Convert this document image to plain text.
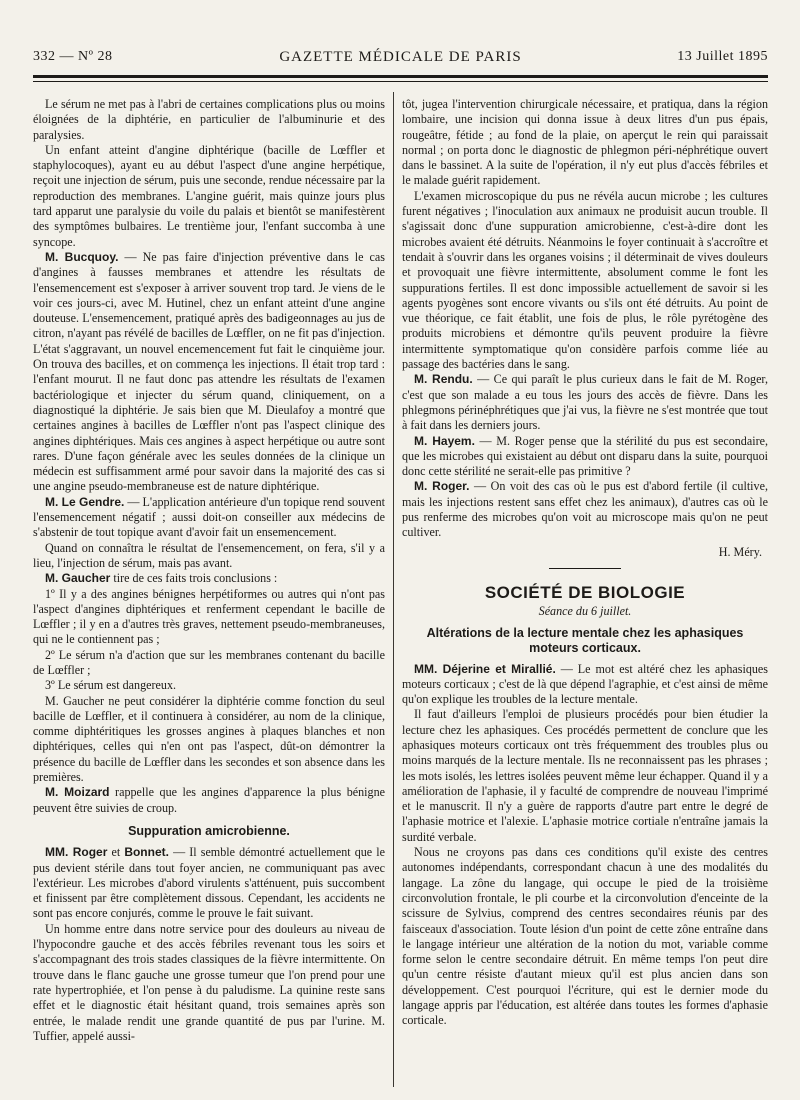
332 — Nº 28	GAZETTE MÉDICALE DE PARIS	13 Juillet 1895

Le sérum ne met pas à l'abri de certaines complications plus ou moins éloignées de la diphtérie, en particulier de l'albuminurie et des paralysies.

Un enfant atteint d'angine diphtérique (bacille de Lœffler et staphylocoques), ayant eu au début l'aspect d'une angine herpétique, reçoit une injection de sérum, puis une seconde, rendue nécessaire par la reproduction des membranes. L'angine guérit, mais quinze jours plus tard apparut une paralysie du voile du palais et bientôt se manifestèrent des symptômes bulbaires. Le trentième jour, l'enfant succomba à une syncope.

M. Bucquoy. — Ne pas faire d'injection préventive dans le cas d'angines à fausses membranes et attendre les résultats de l'ensemencement est s'exposer à arriver souvent trop tard. Je viens de le voir ces jours-ci, avec M. Hutinel, chez un enfant atteint d'une angine douteuse. L'ensemencement, pratiqué après des badigeonnages au jus de citron, n'ayant pas révélé de bacilles de Lœffler, on ne fit pas d'injection. L'état s'aggravant, un nouvel encemencement fut fait le cinquième jour. On trouva des bacilles, et on commença les injections. Il était trop tard : l'enfant mourut. Il ne faut donc pas attendre les résultats de l'examen bactériologique et injecter du sérum quand, cliniquement, on a diagnostiqué la diphtérie. Je sais bien que M. Dieulafoy a montré que certaines angines à bacilles de Lœffler n'ont pas l'aspect clinique des angines diphtériques. Mais ces angines à aspect herpétique ou autre sont rares. D'une façon générale avec les seules données de la clinique un médecin est suffisamment armé pour savoir dans la majorité des cas si une angine pseudo-membraneuse est de nature diphtérique.

M. Le Gendre. — L'application antérieure d'un topique rend souvent l'ensemencement négatif ; aussi doit-on conseiller aux médecins de s'abstenir de tout topique avant d'avoir fait un ensemencement.

Quand on connaîtra le résultat de l'ensemencement, on fera, s'il y a lieu, l'injection de sérum, mais pas avant.

M. Gaucher tire de ces faits trois conclusions :

1º Il y a des angines bénignes herpétiformes ou autres qui n'ont pas l'aspect d'angines diphtériques et renferment cependant le bacille de Lœffler ; il y en a d'autres très graves, nettement pseudo-membraneuses, qui ne le contiennent pas ;

2º Le sérum n'a d'action que sur les membranes contenant du bacille de Lœffler ;

3º Le sérum est dangereux.

M. Gaucher ne peut considérer la diphtérie comme fonction du seul bacille de Lœffler, et il continuera à considérer, au nom de la clinique, comme diphtéritiques les grosses angines à plaques blanches et non diphtériques, celles qui n'en ont pas l'aspect, dût-on démontrer la présence du bacille de Lœffler dans les secondes et son absence dans les premières.

M. Moizard rappelle que les angines d'apparence la plus bénigne peuvent être suivies de croup.

Suppuration amicrobienne.

MM. Roger et Bonnet. — Il semble démontré actuellement que le pus devient stérile dans tout foyer ancien, ne communiquant pas avec l'extérieur. Les microbes d'abord virulents s'atténuent, puis succombent et finissent par être complètement dissous. Cependant, les accidents ne sont pas encore conjurés, comme le prouve le fait suivant.

Un homme entre dans notre service pour des douleurs au niveau de l'hypocondre gauche et des accès fébriles revenant tous les soirs et s'accompagnant des trois stades classiques de la fièvre intermittente. On trouve dans le flanc gauche une grosse tumeur que l'on prend pour une rate hypertrophiée, et l'on pense à du paludisme. La quinine reste sans effet et le diagnostic était hésitant quand, trois semaines après son entrée, le malade rendit une grande quantité de pus par l'urine. M. Tuffier, appelé aussi-

tôt, jugea l'intervention chirurgicale nécessaire, et pratiqua, dans la région lombaire, une incision qui donna issue à deux litres d'un pus épais, rougeâtre, fétide ; au fond de la plaie, on aperçut le rein qui paraissait normal ; on porta donc le diagnostic de phlegmon péri-néphrétique ouvert dans le bassinet. A la suite de l'opération, il n'y eut plus d'accès fébriles et le malade guérit rapidement.

L'examen microscopique du pus ne révéla aucun microbe ; les cultures furent négatives ; l'inoculation aux animaux ne produisit aucun trouble. Il s'agissait donc d'une suppuration amicrobienne, c'est-à-dire dont les microbes avaient été détruits. Néanmoins le foyer continuait à s'accroître et tendait à s'ouvrir dans les organes voisins ; il déterminait de vives douleurs et provoquait une fièvre intermittente, absolument comme le font les suppurations fertiles. Il est donc impossible actuellement de savoir si les agents pyogènes sont encore vivants ou s'ils ont été détruits. Au point de vue théorique, ce fait établit, une fois de plus, le rôle pyrétogène des produits microbiens et démontre qu'ils peuvent produire la fièvre intermittente symptomatique qu'on considère parfois comme liée au passage des bactéries dans le sang.

M. Rendu. — Ce qui paraît le plus curieux dans le fait de M. Roger, c'est que son malade a eu tous les jours des accès de fièvre. Dans les phlegmons périnéphrétiques que j'ai vus, la fièvre ne s'est montrée que tout à fait dans les derniers jours.

M. Hayem. — M. Roger pense que la stérilité du pus est secondaire, que les microbes qui existaient au début ont disparu dans la suite, pourquoi donc cette stérilité ne serait-elle pas primitive ?

M. Roger. — On voit des cas où le pus est d'abord fertile (il cultive, mais les injections restent sans effet chez les animaux), d'autres cas où le pus renferme des microbes qu'on voit au microscope mais qu'on ne peut cultiver.

H. Méry.
SOCIÉTÉ DE BIOLOGIE
Séance du 6 juillet.
Altérations de la lecture mentale chez les aphasiques moteurs corticaux.

MM. Déjerine et Mirallié. — Le mot est altéré chez les aphasiques moteurs corticaux ; c'est de là que dépend l'agraphie, et c'est ainsi de même qu'on explique les troubles de la lecture mentale.

Il faut d'ailleurs l'emploi de plusieurs procédés pour bien étudier la lecture chez les aphasiques. Ces procédés permettent de conclure que les aphasiques moteurs corticaux ont très fréquemment des troubles plus ou moins marqués de la lecture mentale. Ils ne reconnaissent pas les phrases ; les mots isolés, les lettres isolées peuvent même leur échapper. Quand il y a amélioration de l'aphasie, il y faculté de comprendre de nouveau l'imprimé et le manuscrit. Il n'y a guère de rapports d'autre part entre le degré de l'aphasie motrice et l'alexie. L'aphasie motrice cortiale n'entraîne jamais la surdité verbale.

Nous ne croyons pas dans ces conditions qu'il existe des centres autonomes indépendants, correspondant chacun à une des modalités du langage. La zône du langage, qui occupe le pied de la troisième circonvolution frontale, le pli courbe et la circonvolution d'enceinte de la scissure de Sylvius, comprend des centres secondaires réunis par des faisceaux d'association. Toute lésion d'un point de cette zône entraîne dans le langage intérieur une altération de la notion du mot, variable comme forme selon le centre secondaire détruit. En même temps l'on peut dire qu'un centre résiste d'autant mieux qu'il est plus ancien dans son développement. C'est pourquoi l'écriture, qui est le dernier mode du langage appris par l'éducation, est altérée dans toutes les formes d'aphasie corticale.
